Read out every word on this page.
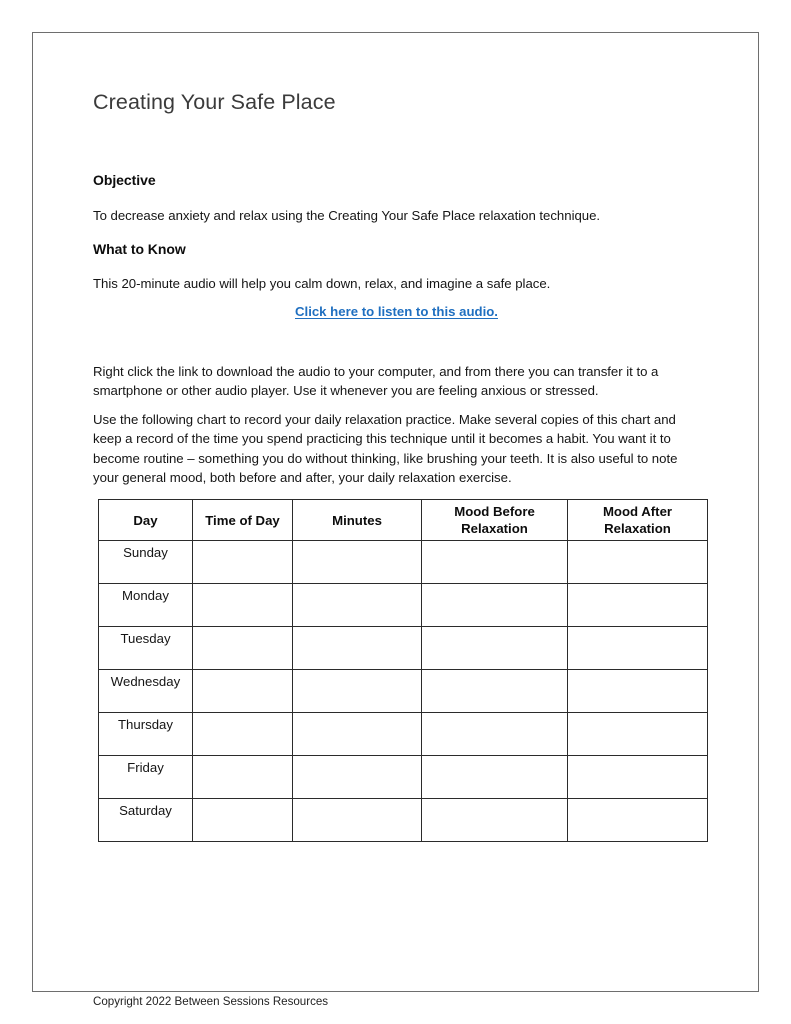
Creating Your Safe Place
Objective

To decrease anxiety and relax using the Creating Your Safe Place relaxation technique.

What to Know

This 20-minute audio will help you calm down, relax, and imagine a safe place.

Click here to listen to this audio.

Right click the link to download the audio to your computer, and from there you can transfer it to a smartphone or other audio player. Use it whenever you are feeling anxious or stressed.

Use the following chart to record your daily relaxation practice. Make several copies of this chart and keep a record of the time you spend practicing this technique until it becomes a habit. You want it to become routine – something you do without thinking, like brushing your teeth. It is also useful to note your general mood, both before and after, your daily relaxation exercise.

Day	Time of Day	Minutes	Mood Before Relaxation	Mood After Relaxation
Sunday				
Monday				
Tuesday				
Wednesday				
Thursday				
Friday				
Saturday				
Copyright 2022 Between Sessions Resources
